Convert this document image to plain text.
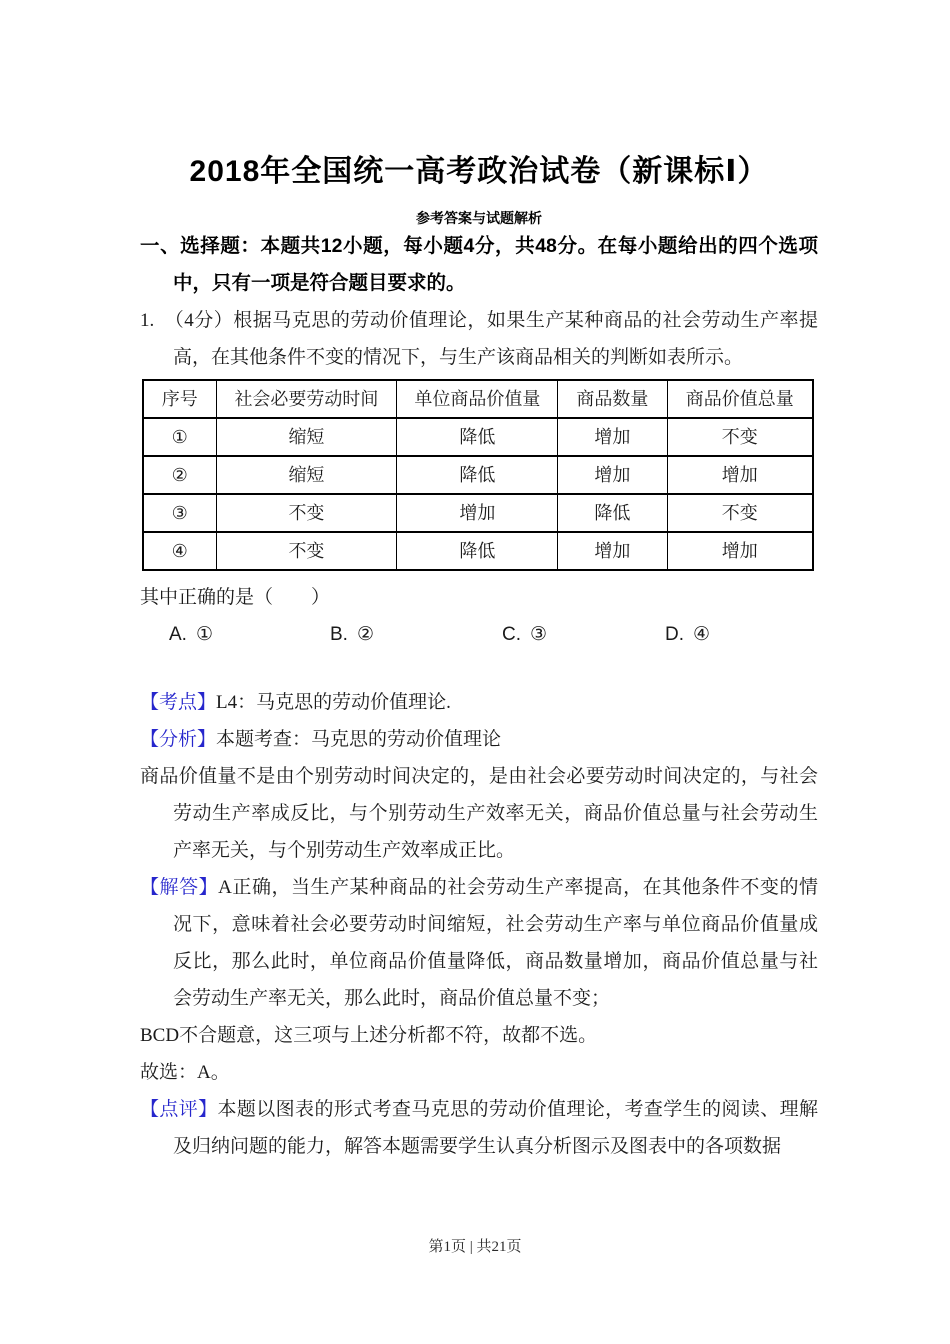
2018年全国统一高考政治试卷（新课标Ⅰ）
参考答案与试题解析

一、选择题：本题共12小题，每小题4分，共48分。在每小题给出的四个选项中，只有一项是符合题目要求的。

1. （4分）根据马克思的劳动价值理论，如果生产某种商品的社会劳动生产率提高，在其他条件不变的情况下，与生产该商品相关的判断如表所示。

序号	社会必要劳动时间	单位商品价值量	商品数量	商品价值总量
①	缩短	降低	增加	不变
②	缩短	降低	增加	增加
③	不变	增加	降低	不变
④	不变	降低	增加	增加

其中正确的是（　　）

A. ①	B. ②	C. ③	D. ④

【考点】L4：马克思的劳动价值理论.

【分析】本题考查：马克思的劳动价值理论

商品价值量不是由个别劳动时间决定的，是由社会必要劳动时间决定的，与社会劳动生产率成反比，与个别劳动生产效率无关，商品价值总量与社会劳动生产率无关，与个别劳动生产效率成正比。

【解答】A正确，当生产某种商品的社会劳动生产率提高，在其他条件不变的情况下，意味着社会必要劳动时间缩短，社会劳动生产率与单位商品价值量成反比，那么此时，单位商品价值量降低，商品数量增加，商品价值总量与社会劳动生产率无关，那么此时，商品价值总量不变；

BCD不合题意，这三项与上述分析都不符，故都不选。

故选：A。

【点评】本题以图表的形式考查马克思的劳动价值理论，考查学生的阅读、理解及归纳问题的能力，解答本题需要学生认真分析图示及图表中的各项数据

第1页 | 共21页
